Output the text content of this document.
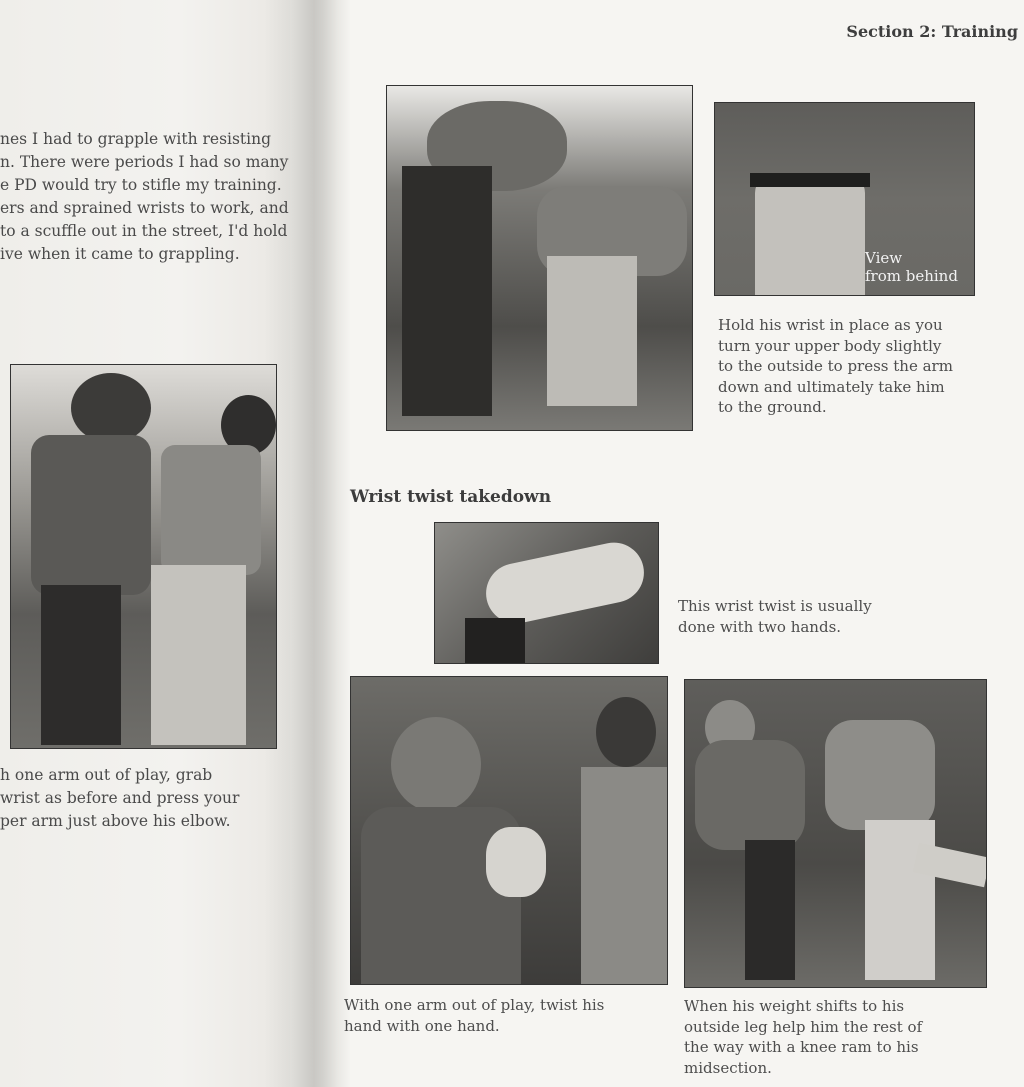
Section 2: Training
nes I had to grapple with resisting
n. There were periods I had so many
e PD would try to stifle my training.
ers and sprained wrists to work, and
to a scuffle out in the street, I'd hold
ive when it came to grappling.
h one arm out of play, grab
wrist as before and press your
per arm just above his elbow.
View
from behind
Hold his wrist in place as you
turn your upper body slightly
to the outside to press the arm
down and ultimately take him
to the ground.
Wrist twist takedown
This wrist twist is usually
done with two hands.
With one arm out of play, twist his
hand with one hand.
When his weight shifts to his
outside leg help him the rest of
the way with a knee ram to his
midsection.
